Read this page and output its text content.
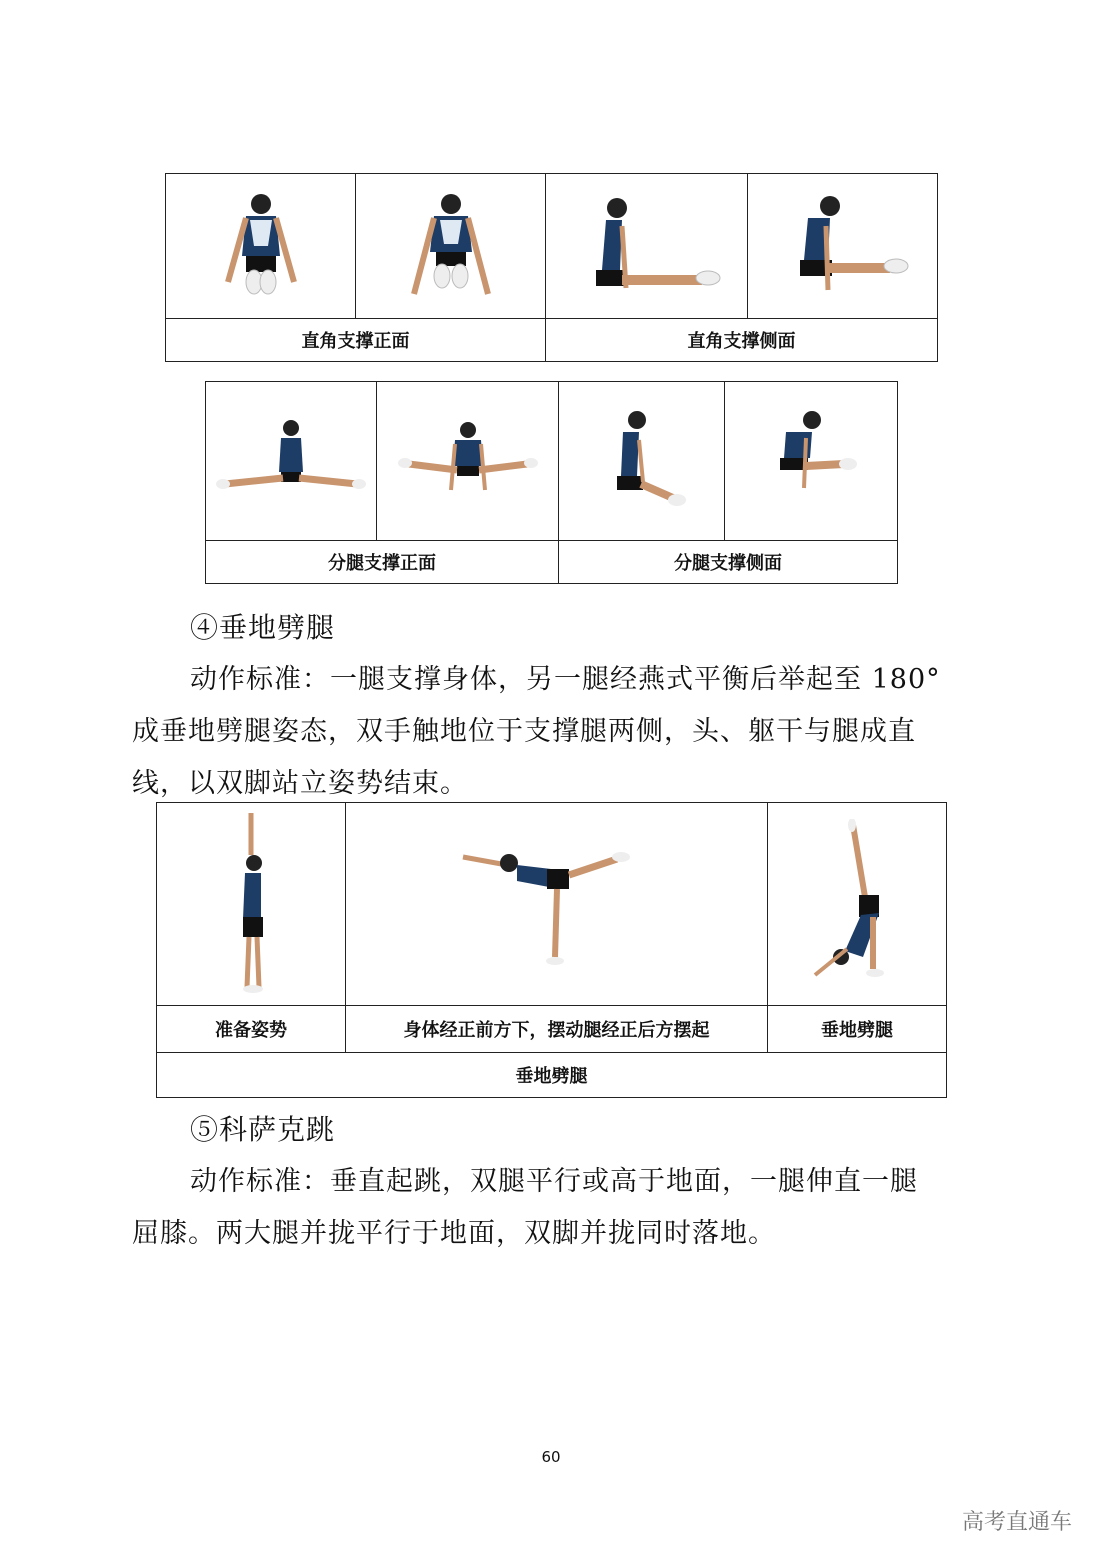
直角支撑正面		直角支撑侧面	

分腿支撑正面		分腿支撑侧面	

④垂地劈腿

动作标准：一腿支撑身体，另一腿经燕式平衡后举起至 180°
成垂地劈腿姿态，双手触地位于支撑腿两侧，头、躯干与腿成直
线，以双脚站立姿势结束。

准备姿势	身体经正前方下，摆动腿经正后方摆起	垂地劈腿
垂地劈腿		

⑤科萨克跳

动作标准：垂直起跳，双腿平行或高于地面，一腿伸直一腿
屈膝。两大腿并拢平行于地面，双脚并拢同时落地。

60
高考直通车
